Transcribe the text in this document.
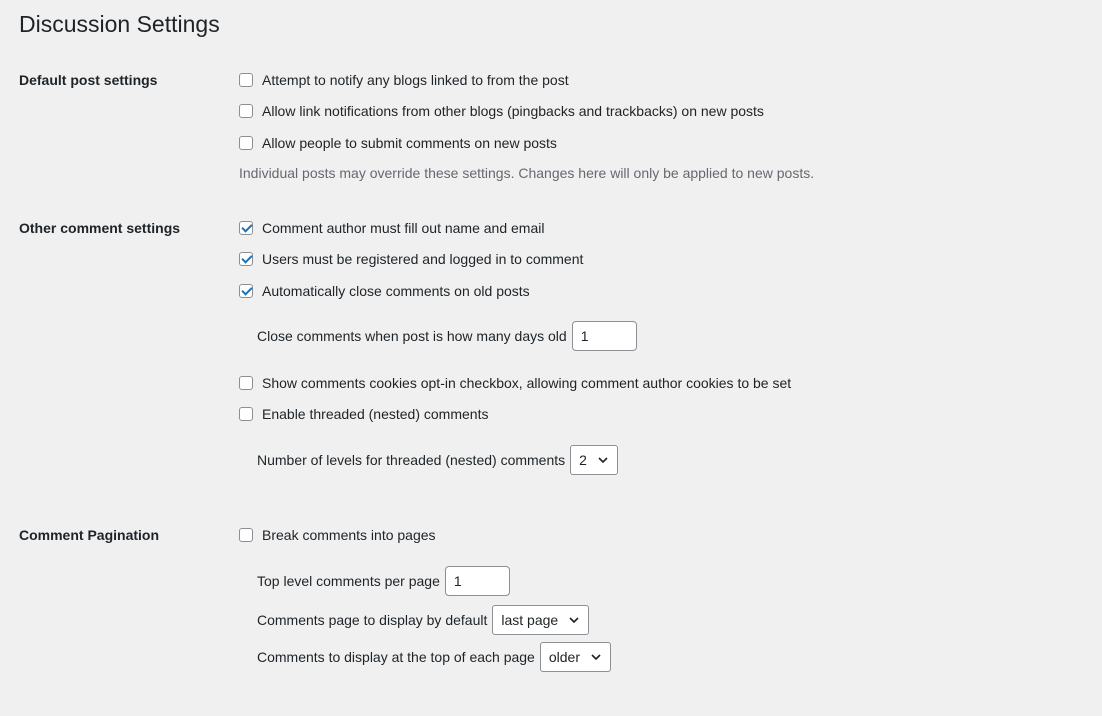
Discussion Settings
Default post settings	Attempt to notify any blogs linked to from the post
Allow link notifications from other blogs (pingbacks and trackbacks) on new posts
Allow people to submit comments on new posts
Individual posts may override these settings. Changes here will only be applied to new posts.
Other comment settings	Comment author must fill out name and email
Users must be registered and logged in to comment
Automatically close comments on old posts
Close comments when post is how many days old	1
Show comments cookies opt-in checkbox, allowing comment author cookies to be set
Enable threaded (nested) comments
Number of levels for threaded (nested) comments 2
Comment Pagination	Break comments into pages
Top level comments per page	1
Comments page to display by default last page
Comments to display at the top of each page older
